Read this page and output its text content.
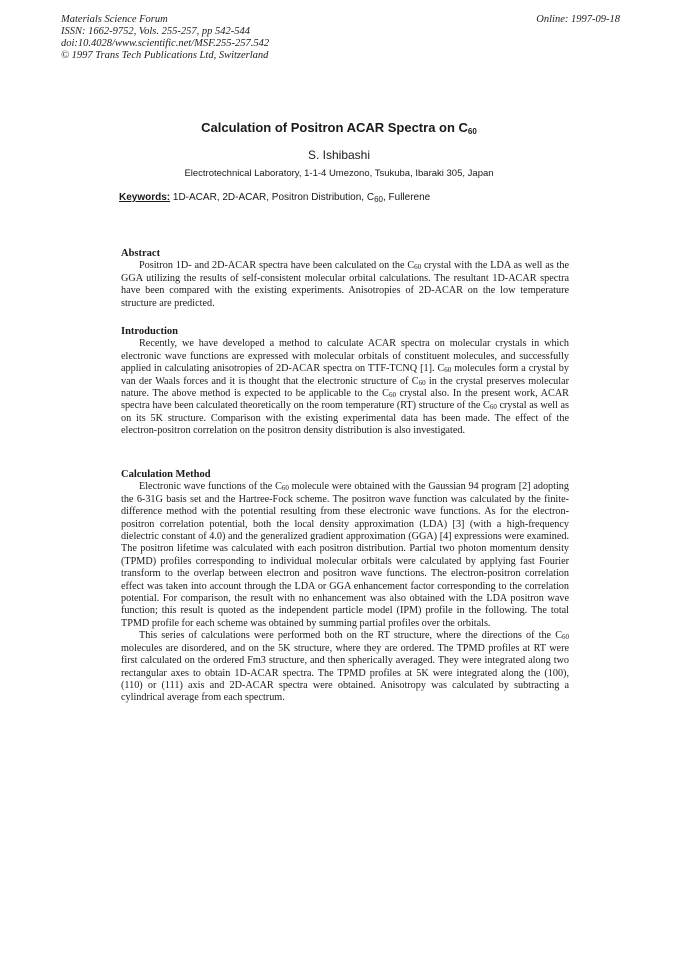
Materials Science Forum
ISSN: 1662-9752, Vols. 255-257, pp 542-544
doi:10.4028/www.scientific.net/MSF.255-257.542
© 1997 Trans Tech Publications Ltd, Switzerland
Online: 1997-09-18
Calculation of Positron ACAR Spectra on $C_{60}$
S. Ishibashi
Electrotechnical Laboratory, 1-1-4 Umezono, Tsukuba, Ibaraki 305, Japan
Keywords: 1D-ACAR, 2D-ACAR, Positron Distribution, $C_{60}$, Fullerene
Abstract

Positron 1D- and 2D-ACAR spectra have been calculated on the $C_{60}$ crystal with the LDA as well as the GGA utilizing the results of self-consistent molecular orbital calculations. The resultant 1D-ACAR spectra have been compared with the existing experiments. Anisotropies of 2D-ACAR on the low temperature structure are predicted.

Introduction

Recently, we have developed a method to calculate ACAR spectra on molecular crystals in which electronic wave functions are expressed with molecular orbitals of constituent molecules, and successfully applied in calculating anisotropies of 2D-ACAR spectra on TTF-TCNQ [1]. $C_{60}$ molecules form a crystal by van der Waals forces and it is thought that the electronic structure of $C_{60}$ in the crystal preserves molecular nature. The above method is expected to be applicable to the $C_{60}$ crystal also. In the present work, ACAR spectra have been calculated theoretically on the room temperature (RT) structure of the $C_{60}$ crystal as well as on its 5K structure. Comparison with the existing experimental data has been made. The effect of the electron-positron correlation on the positron density distribution is also investigated.

Calculation Method

Electronic wave functions of the $C_{60}$ molecule were obtained with the Gaussian 94 program [2] adopting the 6-31G basis set and the Hartree-Fock scheme. The positron wave function was calculated by the finite-difference method with the potential resulting from these electronic wave functions. As for the electron-positron correlation potential, both the local density approximation (LDA) [3] (with a high-frequency dielectric constant of 4.0) and the generalized gradient approximation (GGA) [4] expressions were examined. The positron lifetime was calculated with each positron distribution. Partial two photon momentum density (TPMD) profiles corresponding to individual molecular orbitals were calculated by applying fast Fourier transform to the overlap between electron and positron wave functions. The electron-positron correlation effect was taken into account through the LDA or GGA enhancement factor corresponding to the correlation potential. For comparison, the result with no enhancement was also obtained with the LDA positron wave function; this result is quoted as the independent particle model (IPM) profile in the following. The total TPMD profile for each scheme was obtained by summing partial profiles over the orbitals.

This series of calculations were performed both on the RT structure, where the directions of the $C_{60}$ molecules are disordered, and on the 5K structure, where they are ordered. The TPMD profiles at RT were first calculated on the ordered Fm3 structure, and then spherically averaged. They were integrated along two rectangular axes to obtain 1D-ACAR spectra. The TPMD profiles at 5K were integrated along the (100), (110) or (111) axis and 2D-ACAR spectra were obtained. Anisotropy was calculated by subtracting a cylindrical average from each spectrum.
